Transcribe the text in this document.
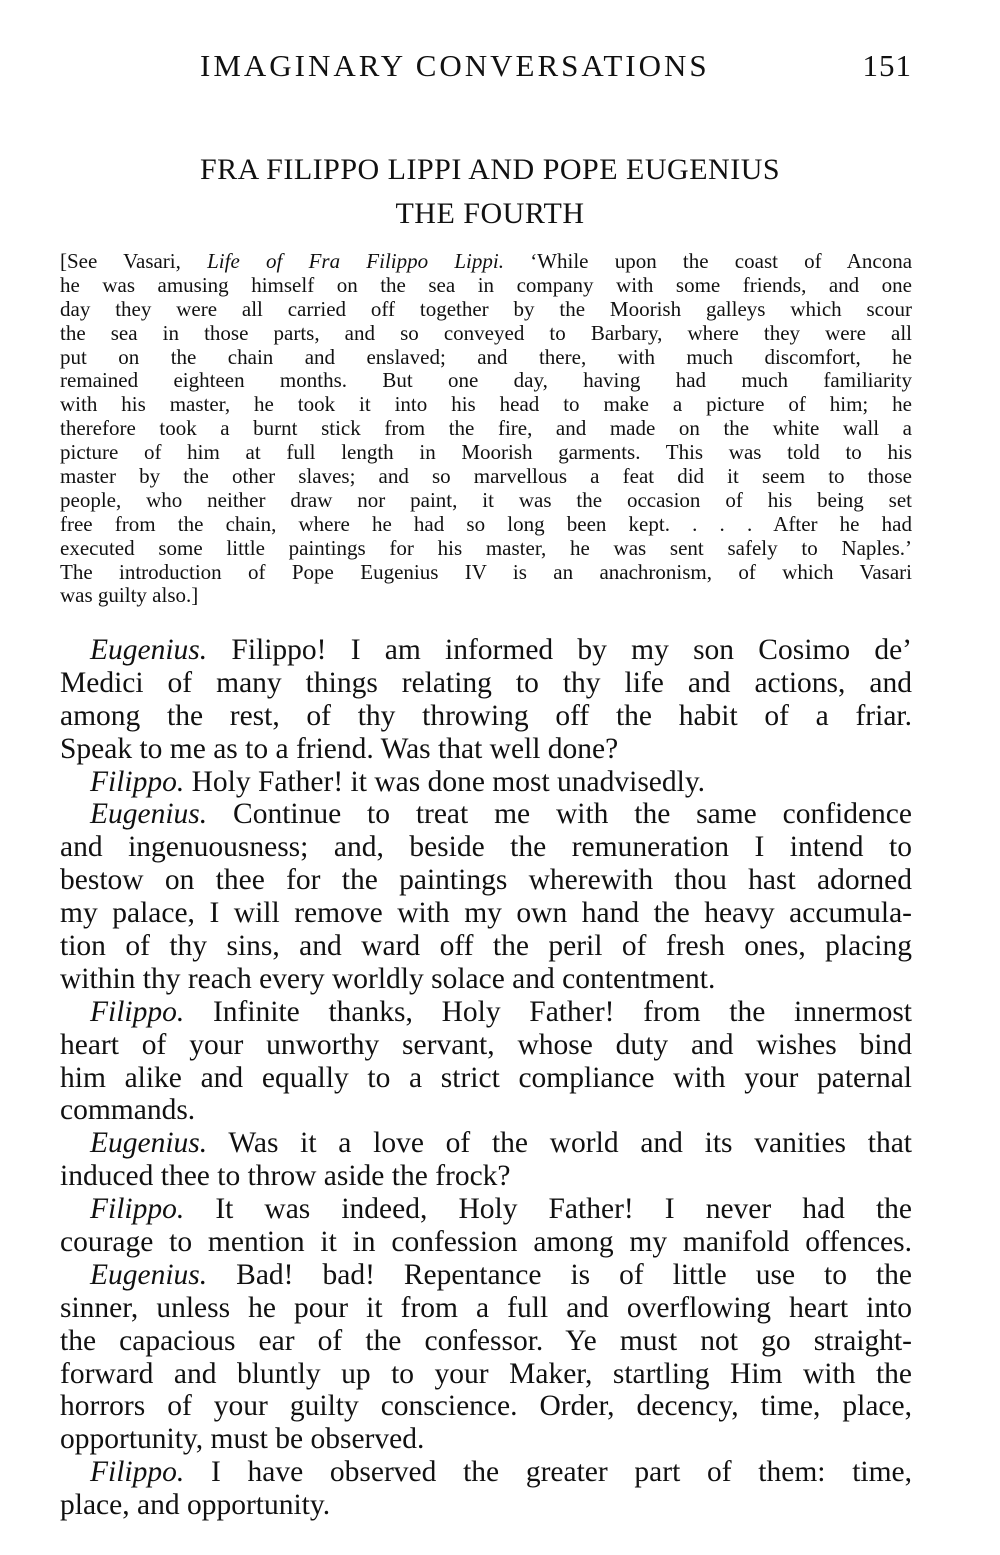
IMAGINARY CONVERSATIONS	151
FRA FILIPPO LIPPI AND POPE EUGENIUS
THE FOURTH
[See Vasari, Life of Fra Filippo Lippi. ‘While upon the coast of Ancona
he was amusing himself on the sea in company with some friends, and one
day they were all carried off together by the Moorish galleys which scour
the sea in those parts, and so conveyed to Barbary, where they were all
put on the chain and enslaved; and there, with much discomfort, he
remained eighteen months. But one day, having had much familiarity
with his master, he took it into his head to make a picture of him; he
therefore took a burnt stick from the fire, and made on the white wall a
picture of him at full length in Moorish garments. This was told to his
master by the other slaves; and so marvellous a feat did it seem to those
people, who neither draw nor paint, it was the occasion of his being set
free from the chain, where he had so long been kept. . . . After he had
executed some little paintings for his master, he was sent safely to Naples.’
The introduction of Pope Eugenius IV is an anachronism, of which Vasari
was guilty also.]
Eugenius. Filippo! I am informed by my son Cosimo de’
Medici of many things relating to thy life and actions, and
among the rest, of thy throwing off the habit of a friar.
Speak to me as to a friend. Was that well done?
Filippo. Holy Father! it was done most unadvisedly.
Eugenius. Continue to treat me with the same confidence
and ingenuousness; and, beside the remuneration I intend to
bestow on thee for the paintings wherewith thou hast adorned
my palace, I will remove with my own hand the heavy accumula-
tion of thy sins, and ward off the peril of fresh ones, placing
within thy reach every worldly solace and contentment.
Filippo. Infinite thanks, Holy Father! from the innermost
heart of your unworthy servant, whose duty and wishes bind
him alike and equally to a strict compliance with your paternal
commands.
Eugenius. Was it a love of the world and its vanities that
induced thee to throw aside the frock?
Filippo. It was indeed, Holy Father! I never had the
courage to mention it in confession among my manifold offences.
Eugenius. Bad! bad! Repentance is of little use to the
sinner, unless he pour it from a full and overflowing heart into
the capacious ear of the confessor. Ye must not go straight-
forward and bluntly up to your Maker, startling Him with the
horrors of your guilty conscience. Order, decency, time, place,
opportunity, must be observed.
Filippo. I have observed the greater part of them: time,
place, and opportunity.
